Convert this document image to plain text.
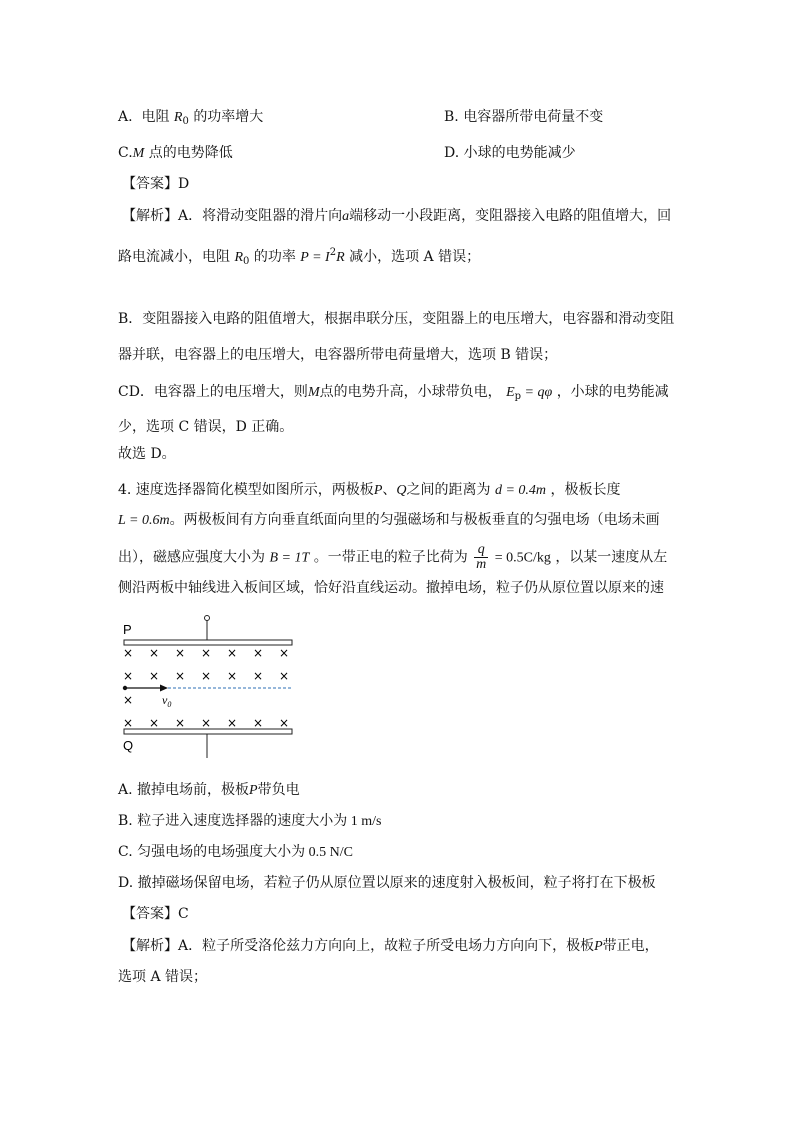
A. 电阻 $R_0$ 的功率增大	B. 电容器所带电荷量不变
C.M 点的电势降低	D. 小球的电势能减少
【答案】D
【解析】A．将滑动变阻器的滑片向a端移动一小段距离，变阻器接入电路的阻值增大，回
路电流减小，电阻 $R_0$ 的功率 $P = I^2R$ 减小，选项 A 错误；
B．变阻器接入电路的阻值增大，根据串联分压，变阻器上的电压增大，电容器和滑动变阻
器并联，电容器上的电压增大，电容器所带电荷量增大，选项 B 错误；
CD．电容器上的电压增大，则M点的电势升高，小球带负电， $E_p = q\varphi$ ，小球的电势能减
少，选项 C 错误，D 正确。
故选 D。
4. 速度选择器简化模型如图所示，两极板P、Q之间的距离为 d = 0.4m ，极板长度
L = 0.6m。两极板间有方向垂直纸面向里的匀强磁场和与极板垂直的匀强电场（电场未画
出），磁感应强度大小为 B = 1T 。一带正电的粒子比荷为 $\frac{q}{m} = 0.5C/kg$ ，以某一速度从左
侧沿两板中轴线进入板间区域，恰好沿直线运动。撤掉电场，粒子仍从原位置以原来的速
P
Q
× × × × × × ×
× × × × × × ×
×
× × × × × × ×
$v_0$
A. 撤掉电场前，极板P带负电
B. 粒子进入速度选择器的速度大小为 1 m/s
C. 匀强电场的电场强度大小为 0.5 N/C
D. 撤掉磁场保留电场，若粒子仍从原位置以原来的速度射入极板间，粒子将打在下极板
【答案】C
【解析】A．粒子所受洛伦兹力方向向上，故粒子所受电场力方向向下，极板P带正电，
选项 A 错误；
